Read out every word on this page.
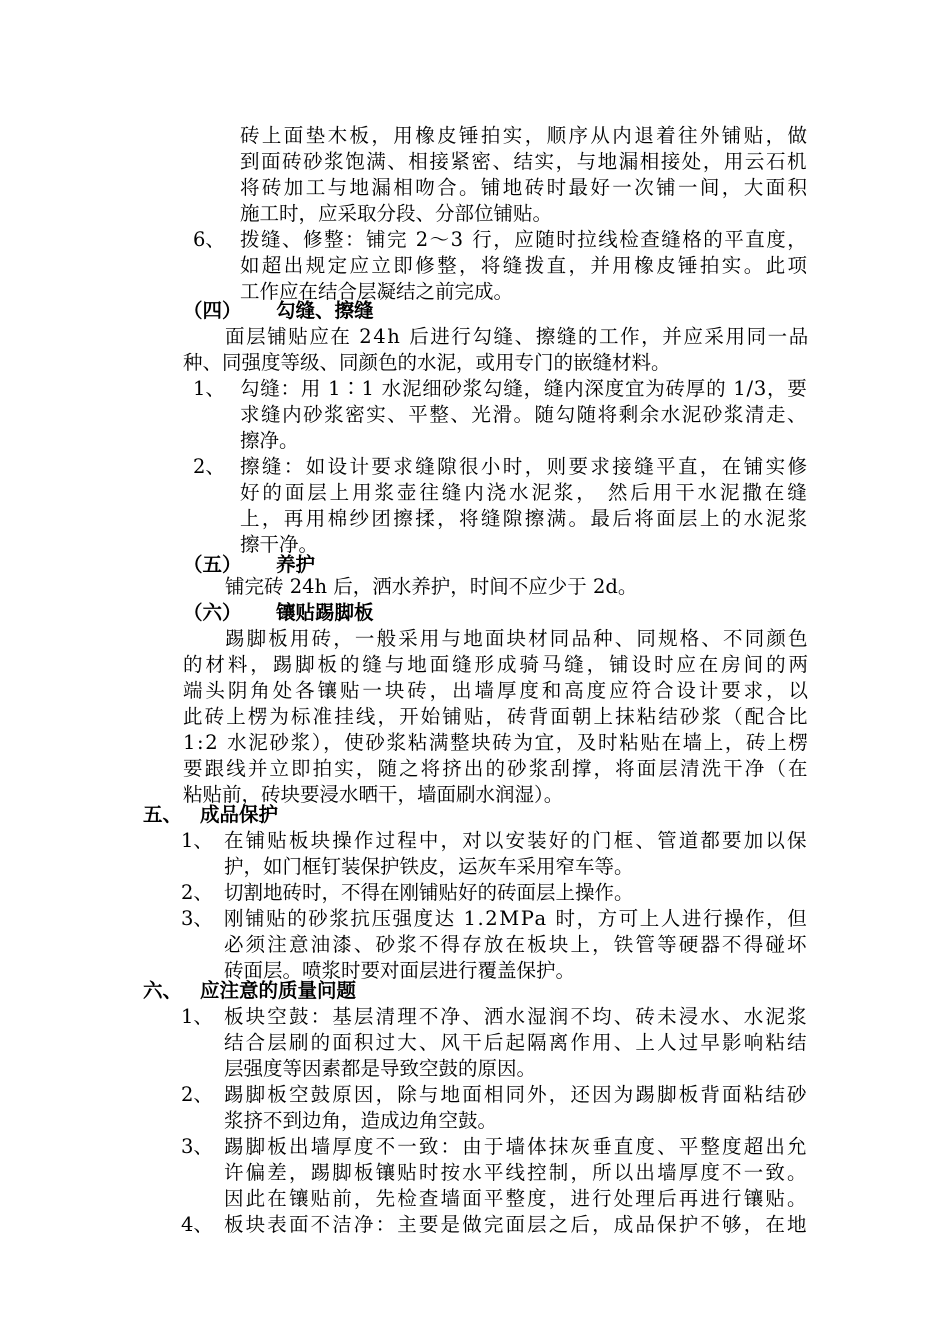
砖上面垫木板，用橡皮锤拍实，顺序从内退着往外铺贴，做

到面砖砂浆饱满、相接紧密、结实，与地漏相接处，用云石机

将砖加工与地漏相吻合。铺地砖时最好一次铺一间，大面积

施工时，应采取分段、分部位铺贴。

6、 拨缝、修整：铺完 2～3 行，应随时拉线检查缝格的平直度，

如超出规定应立即修整，将缝拨直，并用橡皮锤拍实。此项

工作应在结合层凝结之前完成。

（四） 勾缝、擦缝

面层铺贴应在 24h 后进行勾缝、擦缝的工作，并应采用同一品

种、同强度等级、同颜色的水泥，或用专门的嵌缝材料。

1、 勾缝：用 1∶1 水泥细砂浆勾缝，缝内深度宜为砖厚的 1/3，要

求缝内砂浆密实、平整、光滑。随勾随将剩余水泥砂浆清走、

擦净。

2、 擦缝：如设计要求缝隙很小时，则要求接缝平直，在铺实修

好的面层上用浆壶往缝内浇水泥浆， 然后用干水泥撒在缝

上，再用棉纱团擦揉，将缝隙擦满。最后将面层上的水泥浆

擦干净。

（五） 养护

铺完砖 24h 后，洒水养护，时间不应少于 2d。

（六） 镶贴踢脚板

踢脚板用砖，一般采用与地面块材同品种、同规格、不同颜色

的材料，踢脚板的缝与地面缝形成骑马缝，铺设时应在房间的两

端头阴角处各镶贴一块砖，出墙厚度和高度应符合设计要求，以

此砖上楞为标准挂线，开始铺贴，砖背面朝上抹粘结砂浆（配合比

1:2 水泥砂浆），使砂浆粘满整块砖为宜，及时粘贴在墙上，砖上楞

要跟线并立即拍实，随之将挤出的砂浆刮撑，将面层清洗干净（在

粘贴前，砖块要浸水晒干，墙面刷水润湿）。

五、 成品保护

1、 在铺贴板块操作过程中，对以安装好的门框、管道都要加以保

护，如门框钉装保护铁皮，运灰车采用窄车等。

2、 切割地砖时，不得在刚铺贴好的砖面层上操作。

3、 刚铺贴的砂浆抗压强度达 1.2MPa 时，方可上人进行操作，但

必须注意油漆、砂浆不得存放在板块上，铁管等硬器不得碰坏

砖面层。喷浆时要对面层进行覆盖保护。

六、 应注意的质量问题

1、 板块空鼓：基层清理不净、洒水湿润不均、砖未浸水、水泥浆

结合层刷的面积过大、风干后起隔离作用、上人过早影响粘结

层强度等因素都是导致空鼓的原因。

2、 踢脚板空鼓原因，除与地面相同外，还因为踢脚板背面粘结砂

浆挤不到边角，造成边角空鼓。

3、 踢脚板出墙厚度不一致：由于墙体抹灰垂直度、平整度超出允

许偏差，踢脚板镶贴时按水平线控制，所以出墙厚度不一致。

因此在镶贴前，先检查墙面平整度，进行处理后再进行镶贴。

4、 板块表面不洁净：主要是做完面层之后，成品保护不够，在地
